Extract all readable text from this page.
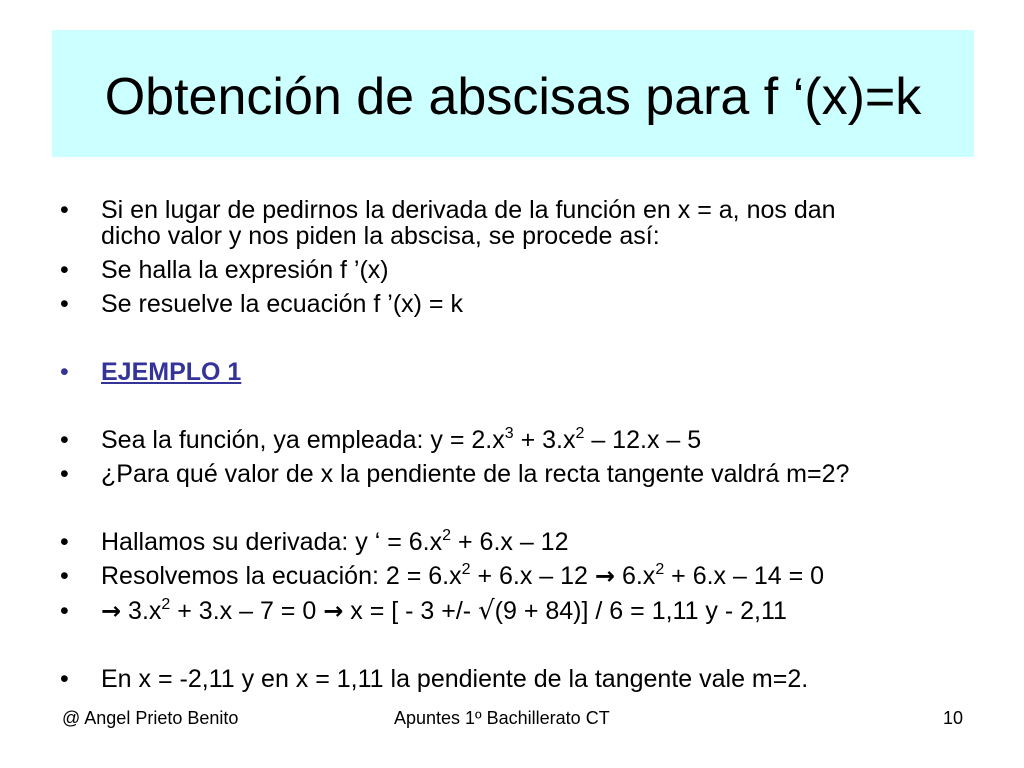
Obtención de abscisas para f ‘(x)=k
•	Si en lugar de pedirnos la derivada de la función en x = a, nos dan
dicho valor y nos piden la abscisa, se procede así:
•	Se halla la expresión f ’(x)
•	Se resuelve la ecuación f ’(x) = k
•	EJEMPLO 1
•	Sea la función, ya empleada: $y = 2.x^3 + 3.x^2 - 12.x - 5$
•	¿Para qué valor de x la pendiente de la recta tangente valdrá m=2?
•	Hallamos su derivada: y ‘ = $6.x^2 + 6.x - 12$
•	Resolvemos la ecuación: $2 = 6.x^2 + 6.x - 12 \to 6.x^2 + 6.x - 14 = 0$
•	→ $3.x^2 + 3.x - 7 = 0 \to x$ = [ - 3 +/- √(9 + 84)] / 6 = 1,11 y - 2,11
•	En x = -2,11 y en x = 1,11 la pendiente de la tangente vale m=2.
@ Angel Prieto Benito	Apuntes 1º Bachillerato CT	10
